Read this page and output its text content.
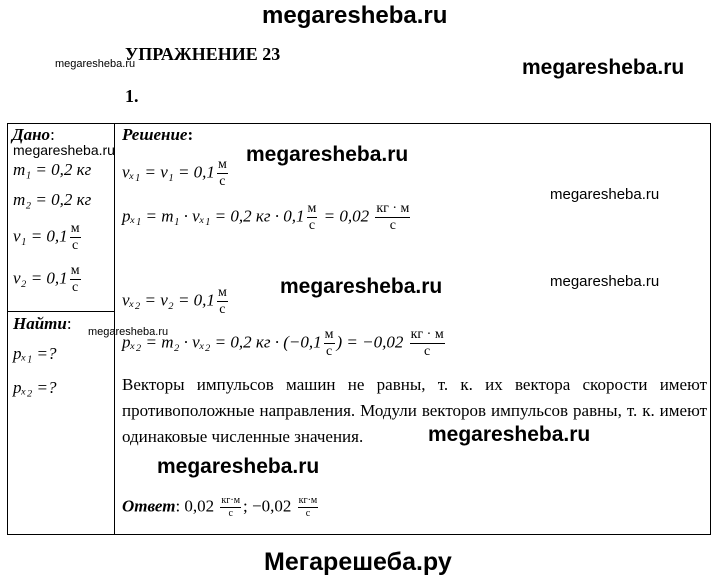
megaresheba.ru
УПРАЖНЕНИЕ 23
megaresheba.ru	megaresheba.ru
1.
Дано:
megaresheba.ru
m₁ = 0,2 кг
m₂ = 0,2 кг
$v_1 = 0,1 \frac{м}{с}$
$v_2 = 0,1 \frac{м}{с}$
Найти: megaresheba.ru
pₓ₁ =?
pₓ₂ =?
Решение:
megaresheba.ru
$v_{x1} = v_1 = 0,1 \frac{м}{с}$
megaresheba.ru
pₓ₁ = m₁ · vₓ₁ = 0,2 кг · $0,1 \frac{м}{с} = 0,02 \frac{кг \cdot м}{с}$
megaresheba.ru
megaresheba.ru
$v_{x2} = v_2 = 0,1 \frac{м}{с}$
pₓ₂ = m₂ · vₓ₂ = 0,2 кг · ($-0,1 \frac{м}{с}$ ) = $-0,02 \frac{кг \cdot м}{с}$
Векторы импульсов машин не равны, т. к. их вектора скорости имеют противоположные направления. Модули векторов импульсов равны, т. к. имеют одинаковые численные значения.	megaresheba.ru
megaresheba.ru
Ответ: $0,02 \frac{кг\cdot м}{с}$ ; $-0,02 \frac{кг\cdot м}{с}$
Мегарешеба.ру
